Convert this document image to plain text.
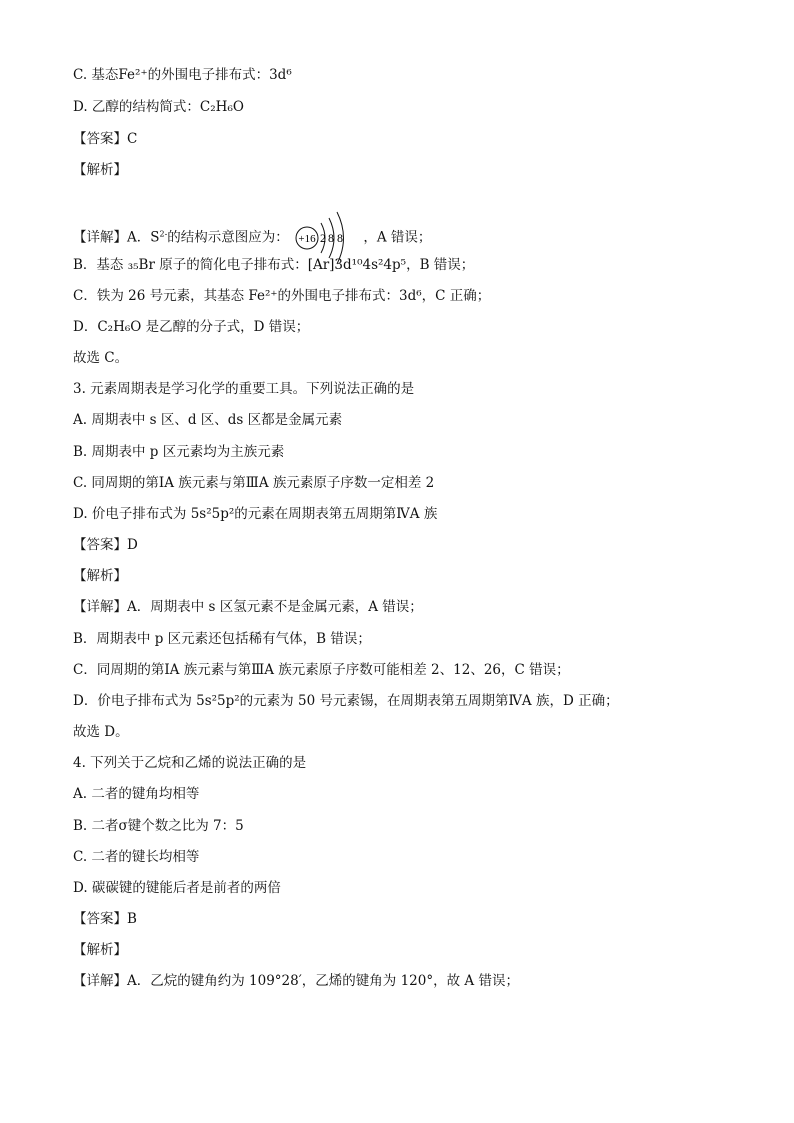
C. 基态Fe²⁺的外围电子排布式：3d⁶
D. 乙醇的结构简式：C₂H₆O
【答案】C
【解析】
【详解】A．$S^{2-}$的结构示意图应为： +16 2 8 8 ，A 错误；
B．基态 ₃₅Br 原子的简化电子排布式：[Ar]3d¹⁰4s²4p⁵，B 错误；
C．铁为 26 号元素，其基态 Fe²⁺的外围电子排布式：3d⁶，C 正确；
D．C₂H₆O 是乙醇的分子式，D 错误；
故选 C。
3. 元素周期表是学习化学的重要工具。下列说法正确的是
A. 周期表中 s 区、d 区、ds 区都是金属元素
B. 周期表中 p 区元素均为主族元素
C. 同周期的第ⅠA 族元素与第ⅢA 族元素原子序数一定相差 2
D. 价电子排布式为 5s²5p²的元素在周期表第五周期第ⅣA 族
【答案】D
【解析】
【详解】A．周期表中 s 区氢元素不是金属元素，A 错误；
B．周期表中 p 区元素还包括稀有气体，B 错误；
C．同周期的第ⅠA 族元素与第ⅢA 族元素原子序数可能相差 2、12、26，C 错误；
D．价电子排布式为 5s²5p²的元素为 50 号元素锡，在周期表第五周期第ⅣA 族，D 正确；
故选 D。
4. 下列关于乙烷和乙烯的说法正确的是
A. 二者的键角均相等
B. 二者σ键个数之比为 7：5
C. 二者的键长均相等
D. 碳碳键的键能后者是前者的两倍
【答案】B
【解析】
【详解】A．乙烷的键角约为 109°28′，乙烯的键角为 120°，故 A 错误；
